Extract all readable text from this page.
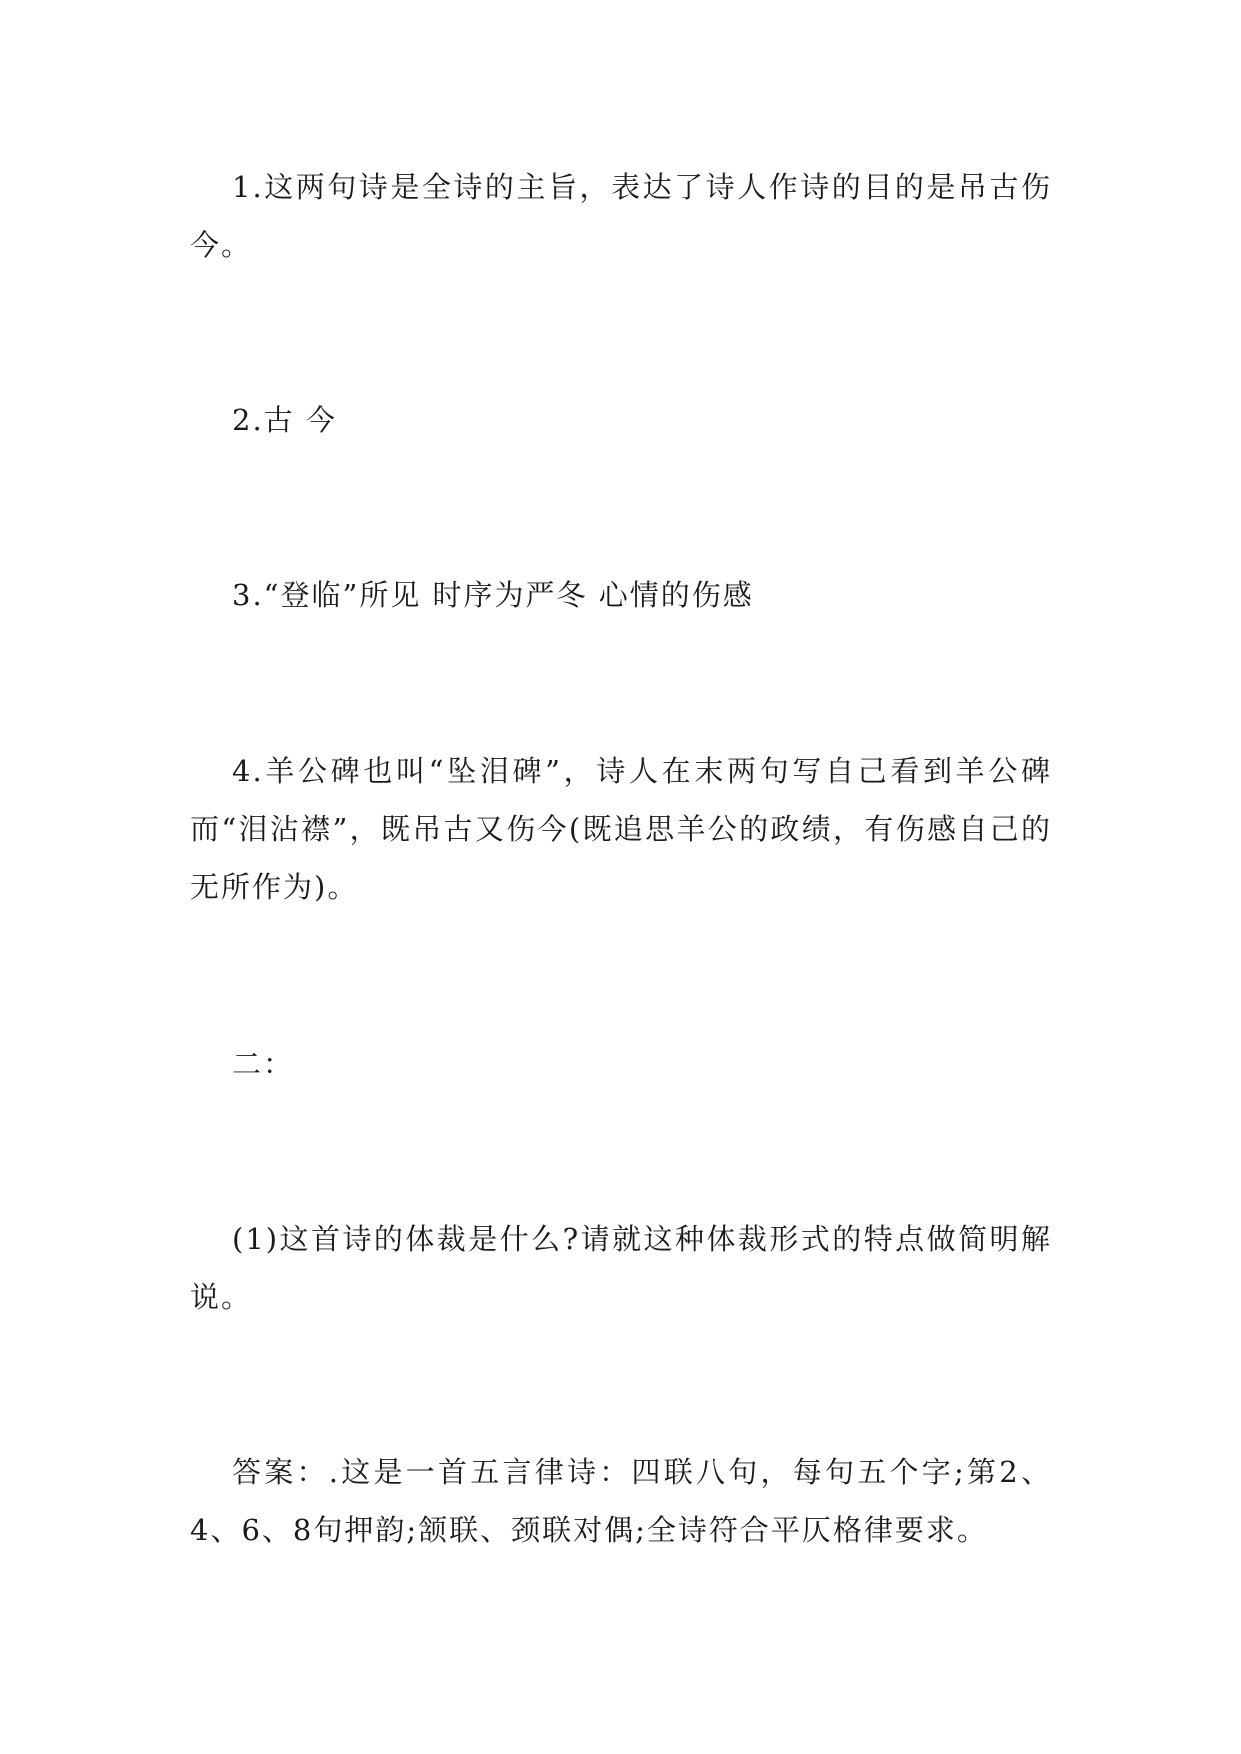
1.这两句诗是全诗的主旨，表达了诗人作诗的目的是吊古伤今。

2.古 今

3.“登临”所见 时序为严冬 心情的伤感

4.羊公碑也叫“坠泪碑”，诗人在末两句写自己看到羊公碑而“泪沾襟”，既吊古又伤今(既追思羊公的政绩，有伤感自己的无所作为)。

二：

(1)这首诗的体裁是什么?请就这种体裁形式的特点做简明解说。

答案：.这是一首五言律诗：四联八句，每句五个字;第2、4、6、8句押韵;颔联、颈联对偶;全诗符合平仄格律要求。
